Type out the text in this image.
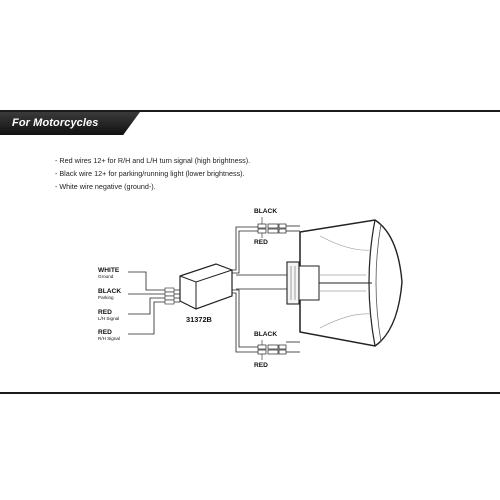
For Motorcycles
- Red wires 12+ for R/H and L/H turn signal (high brightness).
- Black wire 12+ for parking/running light (lower brightness).
- White wire negative (ground-).
WHITE
Ground
BLACK
Parking
RED
L/H Signal
RED
R/H Signal
31372B
BLACK
RED
BLACK
RED
